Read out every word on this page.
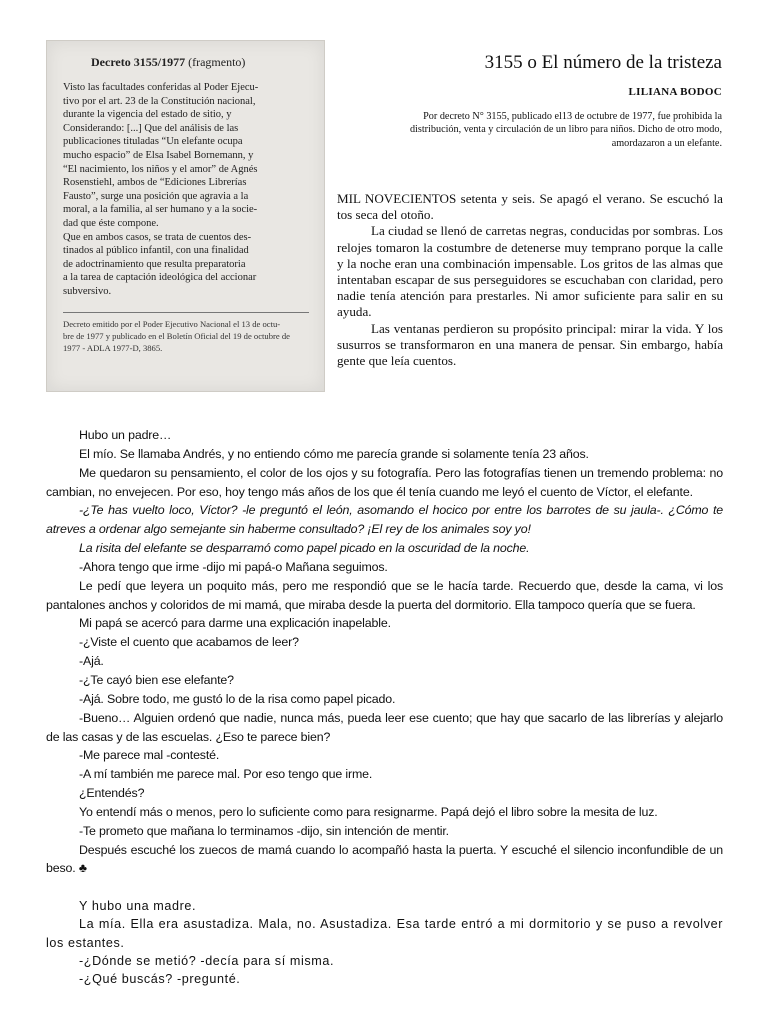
Decreto 3155/1977 (fragmento)
Visto las facultades conferidas al Poder Ejecu-
tivo por el art. 23 de la Constitución nacional,
durante la vigencia del estado de sitio, y
Considerando: [...] Que del análisis de las
publicaciones tituladas “Un elefante ocupa
mucho espacio” de Elsa Isabel Bornemann, y
“El nacimiento, los niños y el amor” de Agnés
Rosenstiehl, ambos de “Ediciones Librerías
Fausto”, surge una posición que agravia a la
moral, a la familia, al ser humano y a la socie-
dad que éste compone.
Que en ambos casos, se trata de cuentos des-
tinados al público infantil, con una finalidad
de adoctrinamiento que resulta preparatoria
a la tarea de captación ideológica del accionar
subversivo.
Decreto emitido por el Poder Ejecutivo Nacional el 13 de octu-
bre de 1977 y publicado en el Boletín Oficial del 19 de octubre de
1977 - ADLA 1977-D, 3865.
3155 o El número de la tristeza
LILIANA BODOC
Por decreto N° 3155, publicado el13 de octubre de 1977, fue prohibida la distribución, venta y circulación de un libro para niños. Dicho de otro modo, amordazaron a un elefante.

MIL NOVECIENTOS setenta y seis. Se apagó el verano. Se escuchó la tos seca del otoño.

La ciudad se llenó de carretas negras, conducidas por sombras. Los relojes tomaron la costumbre de detenerse muy temprano porque la calle y la noche eran una combinación impensable. Los gritos de las almas que intentaban escapar de sus perseguidores se escuchaban con claridad, pero nadie tenía atención para prestarles. Ni amor suficiente para salir en su ayuda.

Las ventanas perdieron su propósito principal: mirar la vida. Y los susurros se transformaron en una manera de pensar. Sin embargo, había gente que leía cuentos.

Hubo un padre…

El mío. Se llamaba Andrés, y no entiendo cómo me parecía grande si solamente tenía 23 años.

Me quedaron su pensamiento, el color de los ojos y su fotografía. Pero las fotografías tienen un tremendo problema: no cambian, no envejecen. Por eso, hoy tengo más años de los que él tenía cuando me leyó el cuento de Víctor, el elefante.

-¿Te has vuelto loco, Víctor? -le preguntó el león, asomando el hocico por entre los barrotes de su jaula-. ¿Cómo te atreves a ordenar algo semejante sin haberme consultado? ¡El rey de los animales soy yo!

La risita del elefante se desparramó como papel picado en la oscuridad de la noche.

-Ahora tengo que irme -dijo mi papá-o Mañana seguimos.

Le pedí que leyera un poquito más, pero me respondió que se le hacía tarde. Recuerdo que, desde la cama, vi los pantalones anchos y coloridos de mi mamá, que miraba desde la puerta del dormitorio. Ella tampoco quería que se fuera.

Mi papá se acercó para darme una explicación inapelable.

-¿Viste el cuento que acabamos de leer?

-Ajá.

-¿Te cayó bien ese elefante?

-Ajá. Sobre todo, me gustó lo de la risa como papel picado.

-Bueno… Alguien ordenó que nadie, nunca más, pueda leer ese cuento; que hay que sacarlo de las librerías y alejarlo de las casas y de las escuelas. ¿Eso te parece bien?

-Me parece mal -contesté.

-A mí también me parece mal. Por eso tengo que irme.

¿Entendés?

Yo entendí más o menos, pero lo suficiente como para resignarme. Papá dejó el libro sobre la mesita de luz.

-Te prometo que mañana lo terminamos -dijo, sin intención de mentir.

Después escuché los zuecos de mamá cuando lo acompañó hasta la puerta. Y escuché el silencio inconfundible de un beso. ♣

Y hubo una madre.

La mía. Ella era asustadiza. Mala, no. Asustadiza. Esa tarde entró a mi dormitorio y se puso a revolver los estantes.

-¿Dónde se metió? -decía para sí misma.

-¿Qué buscás? -pregunté.
